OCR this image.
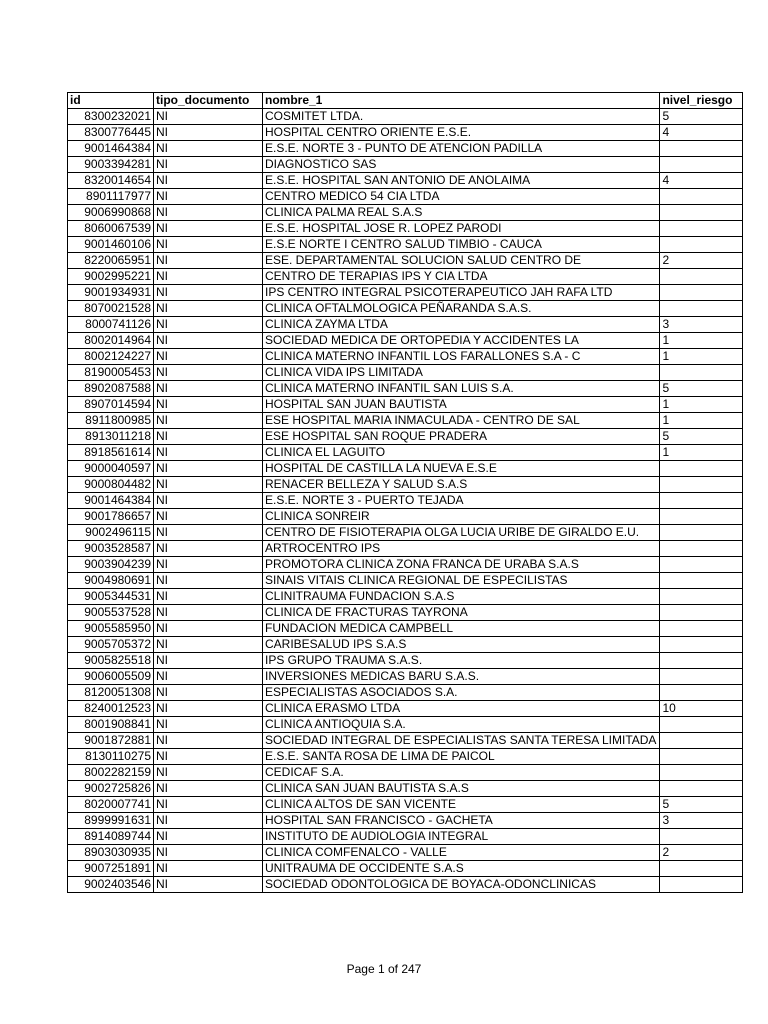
id	tipo_documento	nombre_1	nivel_riesgo
8300232021	NI	COSMITET LTDA.	5
8300776445	NI	HOSPITAL CENTRO ORIENTE E.S.E.	4
9001464384	NI	E.S.E. NORTE 3 - PUNTO DE ATENCION PADILLA	
9003394281	NI	DIAGNOSTICO SAS	
8320014654	NI	E.S.E. HOSPITAL SAN ANTONIO DE ANOLAIMA	4
8901117977	NI	CENTRO MEDICO 54 CIA LTDA	
9006990868	NI	CLINICA PALMA REAL S.A.S	
8060067539	NI	E.S.E. HOSPITAL JOSE R. LOPEZ PARODI	
9001460106	NI	E.S.E NORTE I CENTRO SALUD TIMBIO - CAUCA	
8220065951	NI	ESE. DEPARTAMENTAL SOLUCION SALUD CENTRO DE	2
9002995221	NI	CENTRO DE TERAPIAS IPS Y CIA LTDA	
9001934931	NI	IPS CENTRO INTEGRAL PSICOTERAPEUTICO JAH RAFA LTD	
8070021528	NI	CLINICA OFTALMOLOGICA PEÑARANDA S.A.S.	
8000741126	NI	CLINICA ZAYMA LTDA	3
8002014964	NI	SOCIEDAD MEDICA DE ORTOPEDIA Y ACCIDENTES LA	1
8002124227	NI	CLINICA MATERNO INFANTIL LOS FARALLONES S.A - C	1
8190005453	NI	CLINICA VIDA IPS LIMITADA	
8902087588	NI	CLINICA MATERNO INFANTIL SAN LUIS S.A.	5
8907014594	NI	HOSPITAL SAN JUAN BAUTISTA	1
8911800985	NI	ESE HOSPITAL MARIA INMACULADA - CENTRO DE SAL	1
8913011218	NI	ESE HOSPITAL SAN ROQUE PRADERA	5
8918561614	NI	CLINICA EL LAGUITO	1
9000040597	NI	HOSPITAL DE CASTILLA LA NUEVA E.S.E	
9000804482	NI	RENACER BELLEZA Y SALUD S.A.S	
9001464384	NI	E.S.E. NORTE 3 - PUERTO TEJADA	
9001786657	NI	CLINICA SONREIR	
9002496115	NI	CENTRO DE FISIOTERAPIA OLGA LUCIA URIBE DE GIRALDO E.U.	
9003528587	NI	ARTROCENTRO IPS	
9003904239	NI	PROMOTORA CLINICA ZONA FRANCA DE URABA S.A.S	
9004980691	NI	SINAIS VITAIS CLINICA REGIONAL DE ESPECILISTAS	
9005344531	NI	CLINITRAUMA FUNDACION S.A.S	
9005537528	NI	CLINICA DE FRACTURAS TAYRONA	
9005585950	NI	FUNDACION MEDICA CAMPBELL	
9005705372	NI	CARIBESALUD IPS S.A.S	
9005825518	NI	IPS GRUPO TRAUMA S.A.S.	
9006005509	NI	INVERSIONES MEDICAS BARU S.A.S.	
8120051308	NI	ESPECIALISTAS ASOCIADOS S.A.	
8240012523	NI	CLINICA ERASMO LTDA	10
8001908841	NI	CLINICA ANTIOQUIA S.A.	
9001872881	NI	SOCIEDAD INTEGRAL DE ESPECIALISTAS SANTA TERESA LIMITADA	
8130110275	NI	E.S.E. SANTA ROSA DE LIMA DE PAICOL	
8002282159	NI	CEDICAF S.A.	
9002725826	NI	CLINICA SAN JUAN BAUTISTA S.A.S	
8020007741	NI	CLINICA ALTOS DE SAN VICENTE	5
8999991631	NI	HOSPITAL SAN FRANCISCO - GACHETA	3
8914089744	NI	INSTITUTO DE AUDIOLOGIA INTEGRAL	
8903030935	NI	CLINICA COMFENALCO - VALLE	2
9007251891	NI	UNITRAUMA DE OCCIDENTE S.A.S	
9002403546	NI	SOCIEDAD ODONTOLOGICA DE BOYACA-ODONCLINICAS	
Page 1 of 247
